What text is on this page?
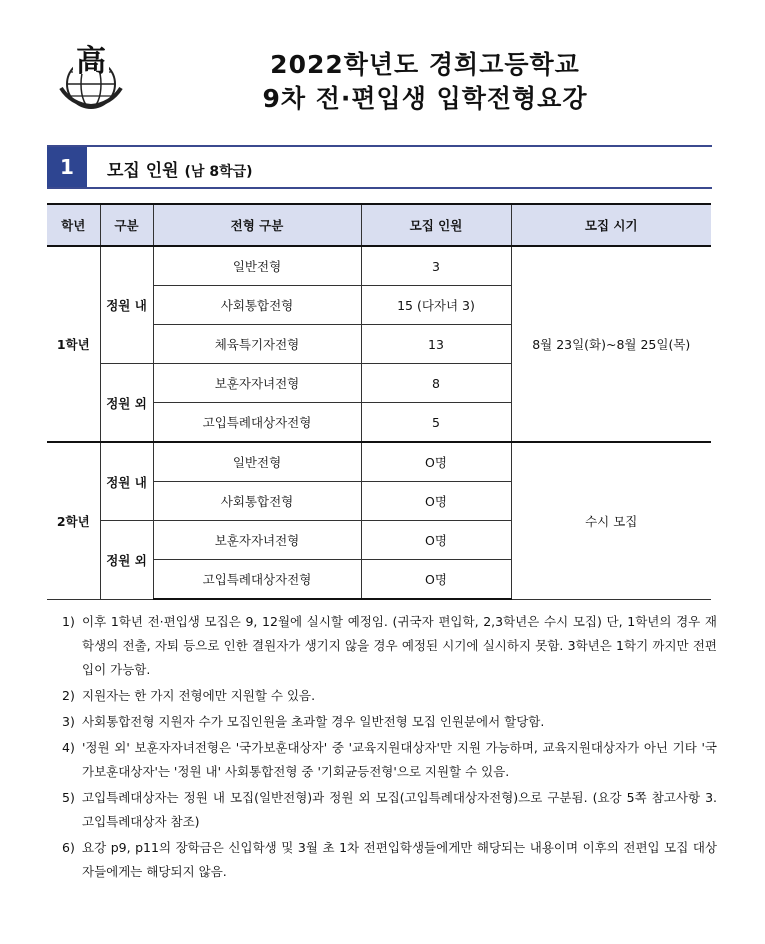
高	2022학년도 경희고등학교
9차 전·편입생 입학전형요강
1	모집 인원 (남 8학급)
학년	구분	전형 구분	모집 인원	모집 시기
1학년	정원 내	일반전형	3	8월 23일(화)~8월 25일(목)
		사회통합전형	15 (다자녀 3)	
		체육특기자전형	13	
	정원 외	보훈자자녀전형	8	
		고입특례대상자전형	5	
2학년	정원 내	일반전형	O명	수시 모집
		사회통합전형	O명	
	정원 외	보훈자자녀전형	O명	
		고입특례대상자전형	O명	
1) 이후 1학년 전·편입생 모집은 9, 12월에 실시할 예정임. (귀국자 편입학, 2,3학년은 수시 모집) 단, 1학년의 경우 재학생의 전출, 자퇴 등으로 인한 결원자가 생기지 않을 경우 예정된 시기에 실시하지 못함. 3학년은 1학기 까지만 전편입이 가능함.
2) 지원자는 한 가지 전형에만 지원할 수 있음.
3) 사회통합전형 지원자 수가 모집인원을 초과할 경우 일반전형 모집 인원분에서 할당함.
4) '정원 외' 보훈자자녀전형은 '국가보훈대상자' 중 '교육지원대상자'만 지원 가능하며, 교육지원대상자가 아닌 기타 '국가보훈대상자'는 '정원 내' 사회통합전형 중 '기회균등전형'으로 지원할 수 있음.
5) 고입특례대상자는 정원 내 모집(일반전형)과 정원 외 모집(고입특례대상자전형)으로 구분됨. (요강 5쪽 참고사항 3. 고입특례대상자 참조)
6) 요강 p9, p11의 장학금은 신입학생 및 3월 초 1차 전편입학생들에게만 해당되는 내용이며 이후의 전편입 모집 대상자들에게는 해당되지 않음.
